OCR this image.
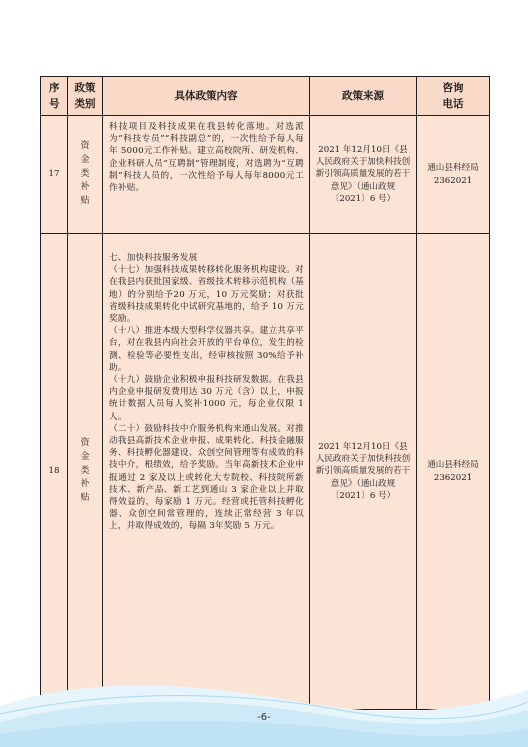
序号	政策类别	具体政策内容	政策来源	咨询电话
17	资金类补贴	科技项目及科技成果在我县转化落地。对选派为“科技专员”“科技副总”的，一次性给予每人每年 5000元工作补贴。建立高校院所、研发机构、企业科研人员“互聘制”管理制度，对选聘为“互聘制”科技人员的，一次性给予每人每年8000元工作补贴。	2021 年12月10日《县人民政府关于加快科技创新引领高质量发展的若干意见》（通山政规〔2021〕6 号）	通山县科经局 2362021
18	资金类补贴	七、加快科技服务发展
（十七）加强科技成果转移转化服务机构建设。对在我县内获批国家级、省级技术转移示范机构（基地）的分别给予20 万元，10 万元奖励；对获批省级科技成果转化中试研究基地的，给予 10 万元奖励。
（十八）推进本级大型科学仪器共享。建立共享平台，对在我县内向社会开放的平台单位，发生的检测、检验等必要性支出，经审核按照 30%给予补助。
（十九）鼓励企业积极申报科技研发数据。在我县内企业申报研发费用达 30 万元（含）以上，申报统计数据人员每人奖补1000 元，每企业仅限 1 人。
（二十）鼓励科技中介服务机构来通山发展。对推动我县高新技术企业申报、成果转化、科技金融服务、科技孵化器建设、众创空间管理等有成效的科技中介，根绩效，给予奖励。当年高新技术企业申报通过 2 家及以上或转化大专院校、科技院所新技术、新产品、新工艺到通山 3 家企业以上并取得效益的，每家励 1 万元。经营或托管科技孵化器、众创空间常管理的，连续正常经营 3 年以上，并取得成效的，每隔 3年奖励 5 万元。	2021 年12月10日《县人民政府关于加快科技创新引领高质量发展的若干意见》（通山政规〔2021〕6 号）	通山县科经局 2362021
-6-
